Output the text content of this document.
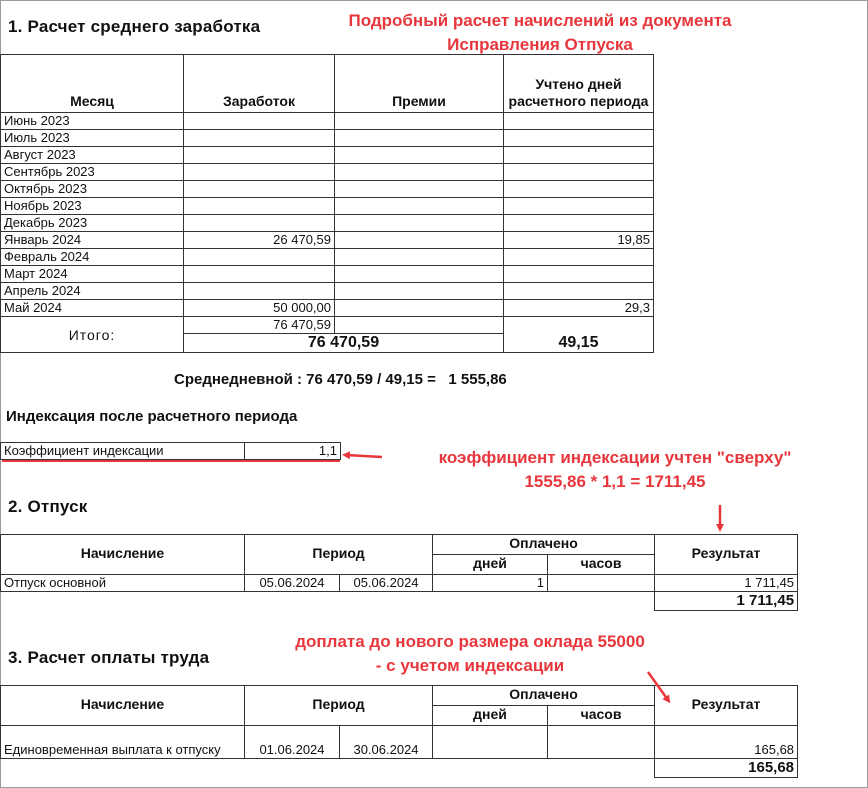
1. Расчет среднего заработка	Подробный расчет начислений из документа
Исправления Отпуска
Месяц	Заработок	Премии	Учтено дней расчетного периода
Июнь 2023			
Июль 2023			
Август 2023			
Сентябрь 2023			
Октябрь 2023			
Ноябрь 2023			
Декабрь 2023			
Январь 2024	26 470,59		19,85
Февраль 2024			
Март 2024			
Апрель 2024			
Май 2024	50 000,00		29,3
Итого:	76 470,59		49,15
	76 470,59		
Среднедневной : 76 470,59 / 49,15 =   1 555,86
Индексация после расчетного периода
Коэффициент индексации	1,1	коэффициент индексации учтен "сверху"
1555,86 * 1,1 = 1711,45
2. Отпуск
Начисление	Период		Оплачено		Результат
			дней	часов	
Отпуск основной	05.06.2024	05.06.2024	1		1 711,45
					1 711,45
доплата до нового размера оклада 55000
- с учетом индексации
3. Расчет оплаты труда
Начисление	Период		Оплачено		Результат
			дней	часов	
Единовременная выплата к отпуску	01.06.2024	30.06.2024			165,68
					165,68
